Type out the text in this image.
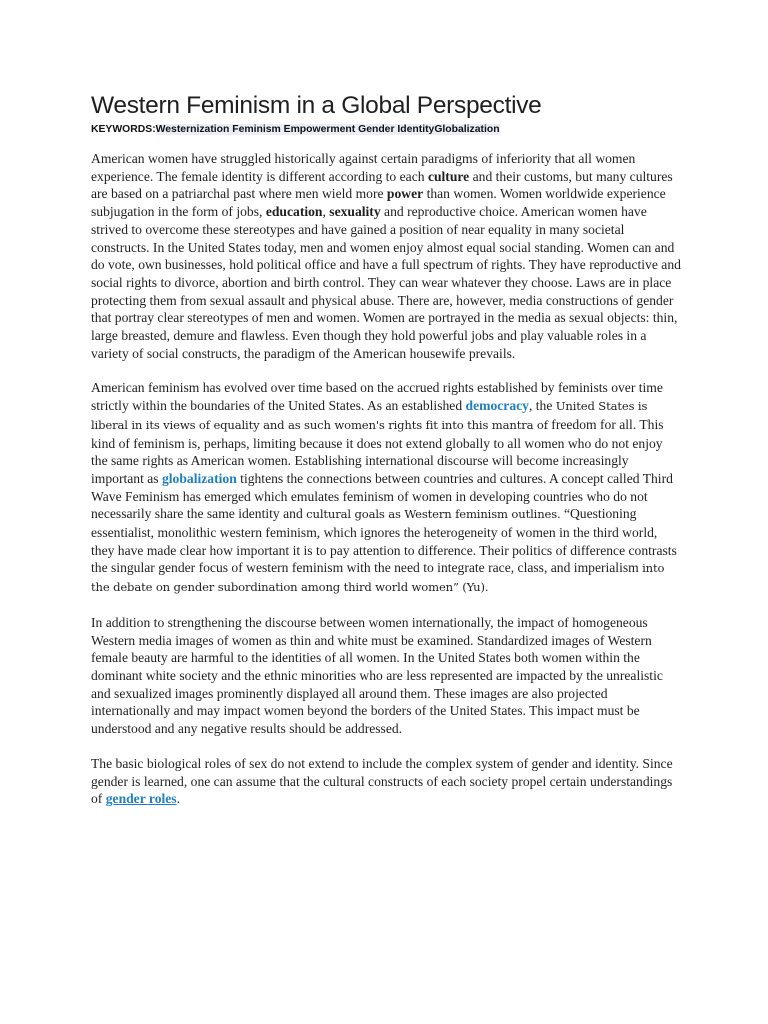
Western Feminism in a Global Perspective
KEYWORDS:Westernization Feminism Empowerment Gender IdentityGlobalization

American women have struggled historically against certain paradigms of inferiority that all women experience. The female identity is different according to each culture and their customs, but many cultures are based on a patriarchal past where men wield more power than women. Women worldwide experience subjugation in the form of jobs, education, sexuality and reproductive choice. American women have strived to overcome these stereotypes and have gained a position of near equality in many societal constructs. In the United States today, men and women enjoy almost equal social standing. Women can and do vote, own businesses, hold political office and have a full spectrum of rights. They have reproductive and social rights to divorce, abortion and birth control. They can wear whatever they choose. Laws are in place protecting them from sexual assault and physical abuse. There are, however, media constructions of gender that portray clear stereotypes of men and women. Women are portrayed in the media as sexual objects: thin, large breasted, demure and flawless. Even though they hold powerful jobs and play valuable roles in a variety of social constructs, the paradigm of the American housewife prevails.

American feminism has evolved over time based on the accrued rights established by feminists over time strictly within the boundaries of the United States. As an established democracy, the United States is liberal in its views of equality and as such women's rights fit into this mantra of freedom for all. This kind of feminism is, perhaps, limiting because it does not extend globally to all women who do not enjoy the same rights as American women. Establishing international discourse will become increasingly important as globalization tightens the connections between countries and cultures. A concept called Third Wave Feminism has emerged which emulates feminism of women in developing countries who do not necessarily share the same identity and cultural goals as Western feminism outlines. “Questioning essentialist, monolithic western feminism, which ignores the heterogeneity of women in the third world, they have made clear how important it is to pay attention to difference. Their politics of difference contrasts the singular gender focus of western feminism with the need to integrate race, class, and imperialism into the debate on gender subordination among third world women” (Yu).

In addition to strengthening the discourse between women internationally, the impact of homogeneous Western media images of women as thin and white must be examined. Standardized images of Western female beauty are harmful to the identities of all women. In the United States both women within the dominant white society and the ethnic minorities who are less represented are impacted by the unrealistic and sexualized images prominently displayed all around them. These images are also projected internationally and may impact women beyond the borders of the United States. This impact must be understood and any negative results should be addressed.

The basic biological roles of sex do not extend to include the complex system of gender and identity. Since gender is learned, one can assume that the cultural constructs of each society propel certain understandings of gender roles.
